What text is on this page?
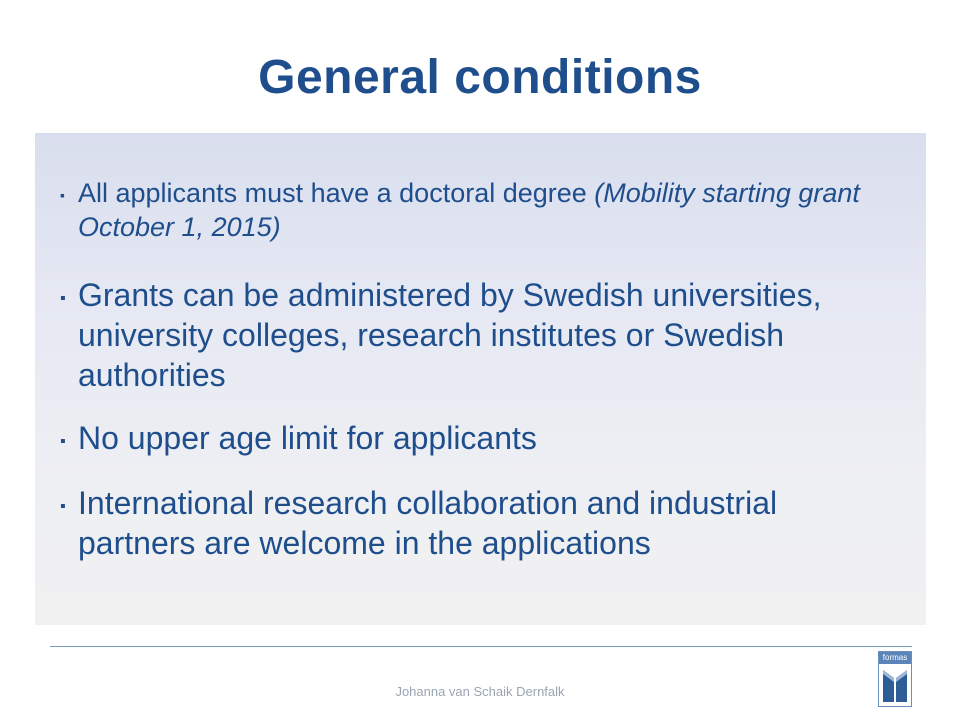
General conditions
▪ All applicants must have a doctoral degree (Mobility starting grant October 1, 2015)
▪ Grants can be administered by Swedish universities, university colleges, research institutes or Swedish authorities
▪ No upper age limit for applicants
▪ International research collaboration and industrial partners are welcome in the applications
Johanna van Schaik Dernfalk
formas
